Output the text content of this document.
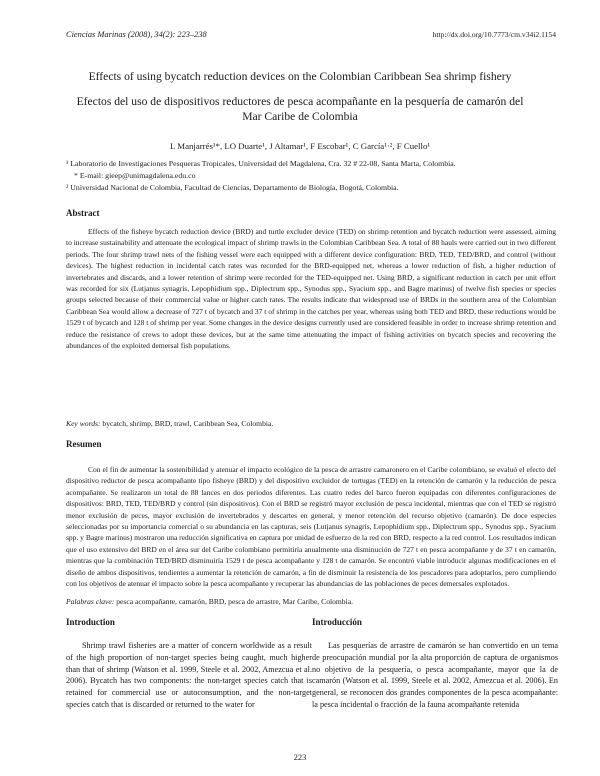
Ciencias Marinas (2008), 34(2): 223–238	http://dx.doi.org/10.7773/cm.v34i2.1154
Effects of using bycatch reduction devices on the Colombian Caribbean Sea shrimp fishery
Efectos del uso de dispositivos reductores de pesca acompañante en la pesquería de camarón del Mar Caribe de Colombia
L Manjarrés¹*, LO Duarte¹, J Altamar¹, F Escobar¹, C García¹·², F Cuello¹
¹ Laboratorio de Investigaciones Pesqueras Tropicales, Universidad del Magdalena, Cra. 32 # 22-08, Santa Marta, Colombia.
* E-mail: gieep@unimagdalena.edu.co
² Universidad Nacional de Colombia, Facultad de Ciencias, Departamento de Biología, Bogotá, Colombia.
Abstract
Effects of the fisheye bycatch reduction device (BRD) and turtle excluder device (TED) on shrimp retention and bycatch reduction were assessed, aiming to increase sustainability and attenuate the ecological impact of shrimp trawls in the Colombian Caribbean Sea. A total of 88 hauls were carried out in two different periods. The four shrimp trawl nets of the fishing vessel were each equipped with a different device configuration: BRD, TED, TED/BRD, and control (without devices). The highest reduction in incidental catch rates was recorded for the BRD-equipped net, whereas a lower reduction of fish, a higher reduction of invertebrates and discards, and a lower retention of shrimp were recorded for the TED-equipped net. Using BRD, a significant reduction in catch per unit effort was recorded for six (Lutjanus synagris, Lepophidium spp., Diplectrum spp., Synodus spp., Syacium spp., and Bagre marinus) of twelve fish species or species groups selected because of their commercial value or higher catch rates. The results indicate that widespread use of BRDs in the southern area of the Colombian Caribbean Sea would allow a decrease of 727 t of bycatch and 37 t of shrimp in the catches per year, whereas using both TED and BRD, these reductions would be 1529 t of bycatch and 128 t of shrimp per year. Some changes in the device designs currently used are considered feasible in order to increase shrimp retention and reduce the resistance of crews to adopt these devices, but at the same time attenuating the impact of fishing activities on bycatch species and recovering the abundances of the exploited demersal fish populations.
Key words: bycatch, shrimp, BRD, trawl, Caribbean Sea, Colombia.
Resumen
Con el fin de aumentar la sostenibilidad y atenuar el impacto ecológico de la pesca de arrastre camaronero en el Caribe colombiano, se evaluó el efecto del dispositivo reductor de pesca acompañante tipo fisheye (BRD) y del dispositivo excluidor de tortugas (TED) en la retención de camarón y la reducción de pesca acompañante. Se realizaron un total de 88 lances en dos periodos diferentes. Las cuatro redes del barco fueron equipadas con diferentes configuraciones de dispositivos: BRD, TED, TED/BRD y control (sin dispositivos). Con el BRD se registró mayor exclusión de pesca incidental, mientras que con el TED se registró menor exclusión de peces, mayor exclusión de invertebrados y descartes en general, y menor retención del recurso objetivo (camarón). De doce especies seleccionadas por su importancia comercial o su abundancia en las capturas, seis (Lutjanus synagris, Lepophidium spp., Diplectrum spp., Synodus spp., Syacium spp. y Bagre marinus) mostraron una reducción significativa en captura por unidad de esfuerzo de la red con BRD, respecto a la red control. Los resultados indican que el uso extensivo del BRD en el área sur del Caribe colombiano permitiría anualmente una disminución de 727 t en pesca acompañante y de 37 t en camarón, mientras que la combinación TED/BRD disminuiría 1529 t de pesca acompañante y 128 t de camarón. Se encontró viable introducir algunas modificaciones en el diseño de ambos dispositivos, tendientes a aumentar la retención de camarón, a fin de disminuir la resistencia de los pescadores para adoptarlos, pero cumpliendo con los objetivos de atenuar el impacto sobre la pesca acompañante y recuperar las abundancias de las poblaciones de peces demersales explotados.
Palabras clave: pesca acompañante, camarón, BRD, pesca de arrastre, Mar Caribe, Colombia.
Introduction	Introducción
Shrimp trawl fisheries are a matter of concern worldwide as a result of the high proportion of non-target species being caught, much higher than that of shrimp (Watson et al. 1999, Steele et al. 2002, Amezcua et al. 2006). Bycatch has two components: the non-target species catch that is retained for commercial use or autoconsumption, and the non-target species catch that is discarded or returned to the water for
Las pesquerías de arrastre de camarón se han convertido en un tema de preocupación mundial por la alta proporción de captura de organismos no objetivo de la pesquería, o pesca acompañante, mayor que la de camarón (Watson et al. 1999, Steele et al. 2002, Amezcua et al. 2006). En general, se reconocen dos grandes componentes de la pesca acompañante: la pesca incidental o fracción de la fauna acompañante retenida
223
